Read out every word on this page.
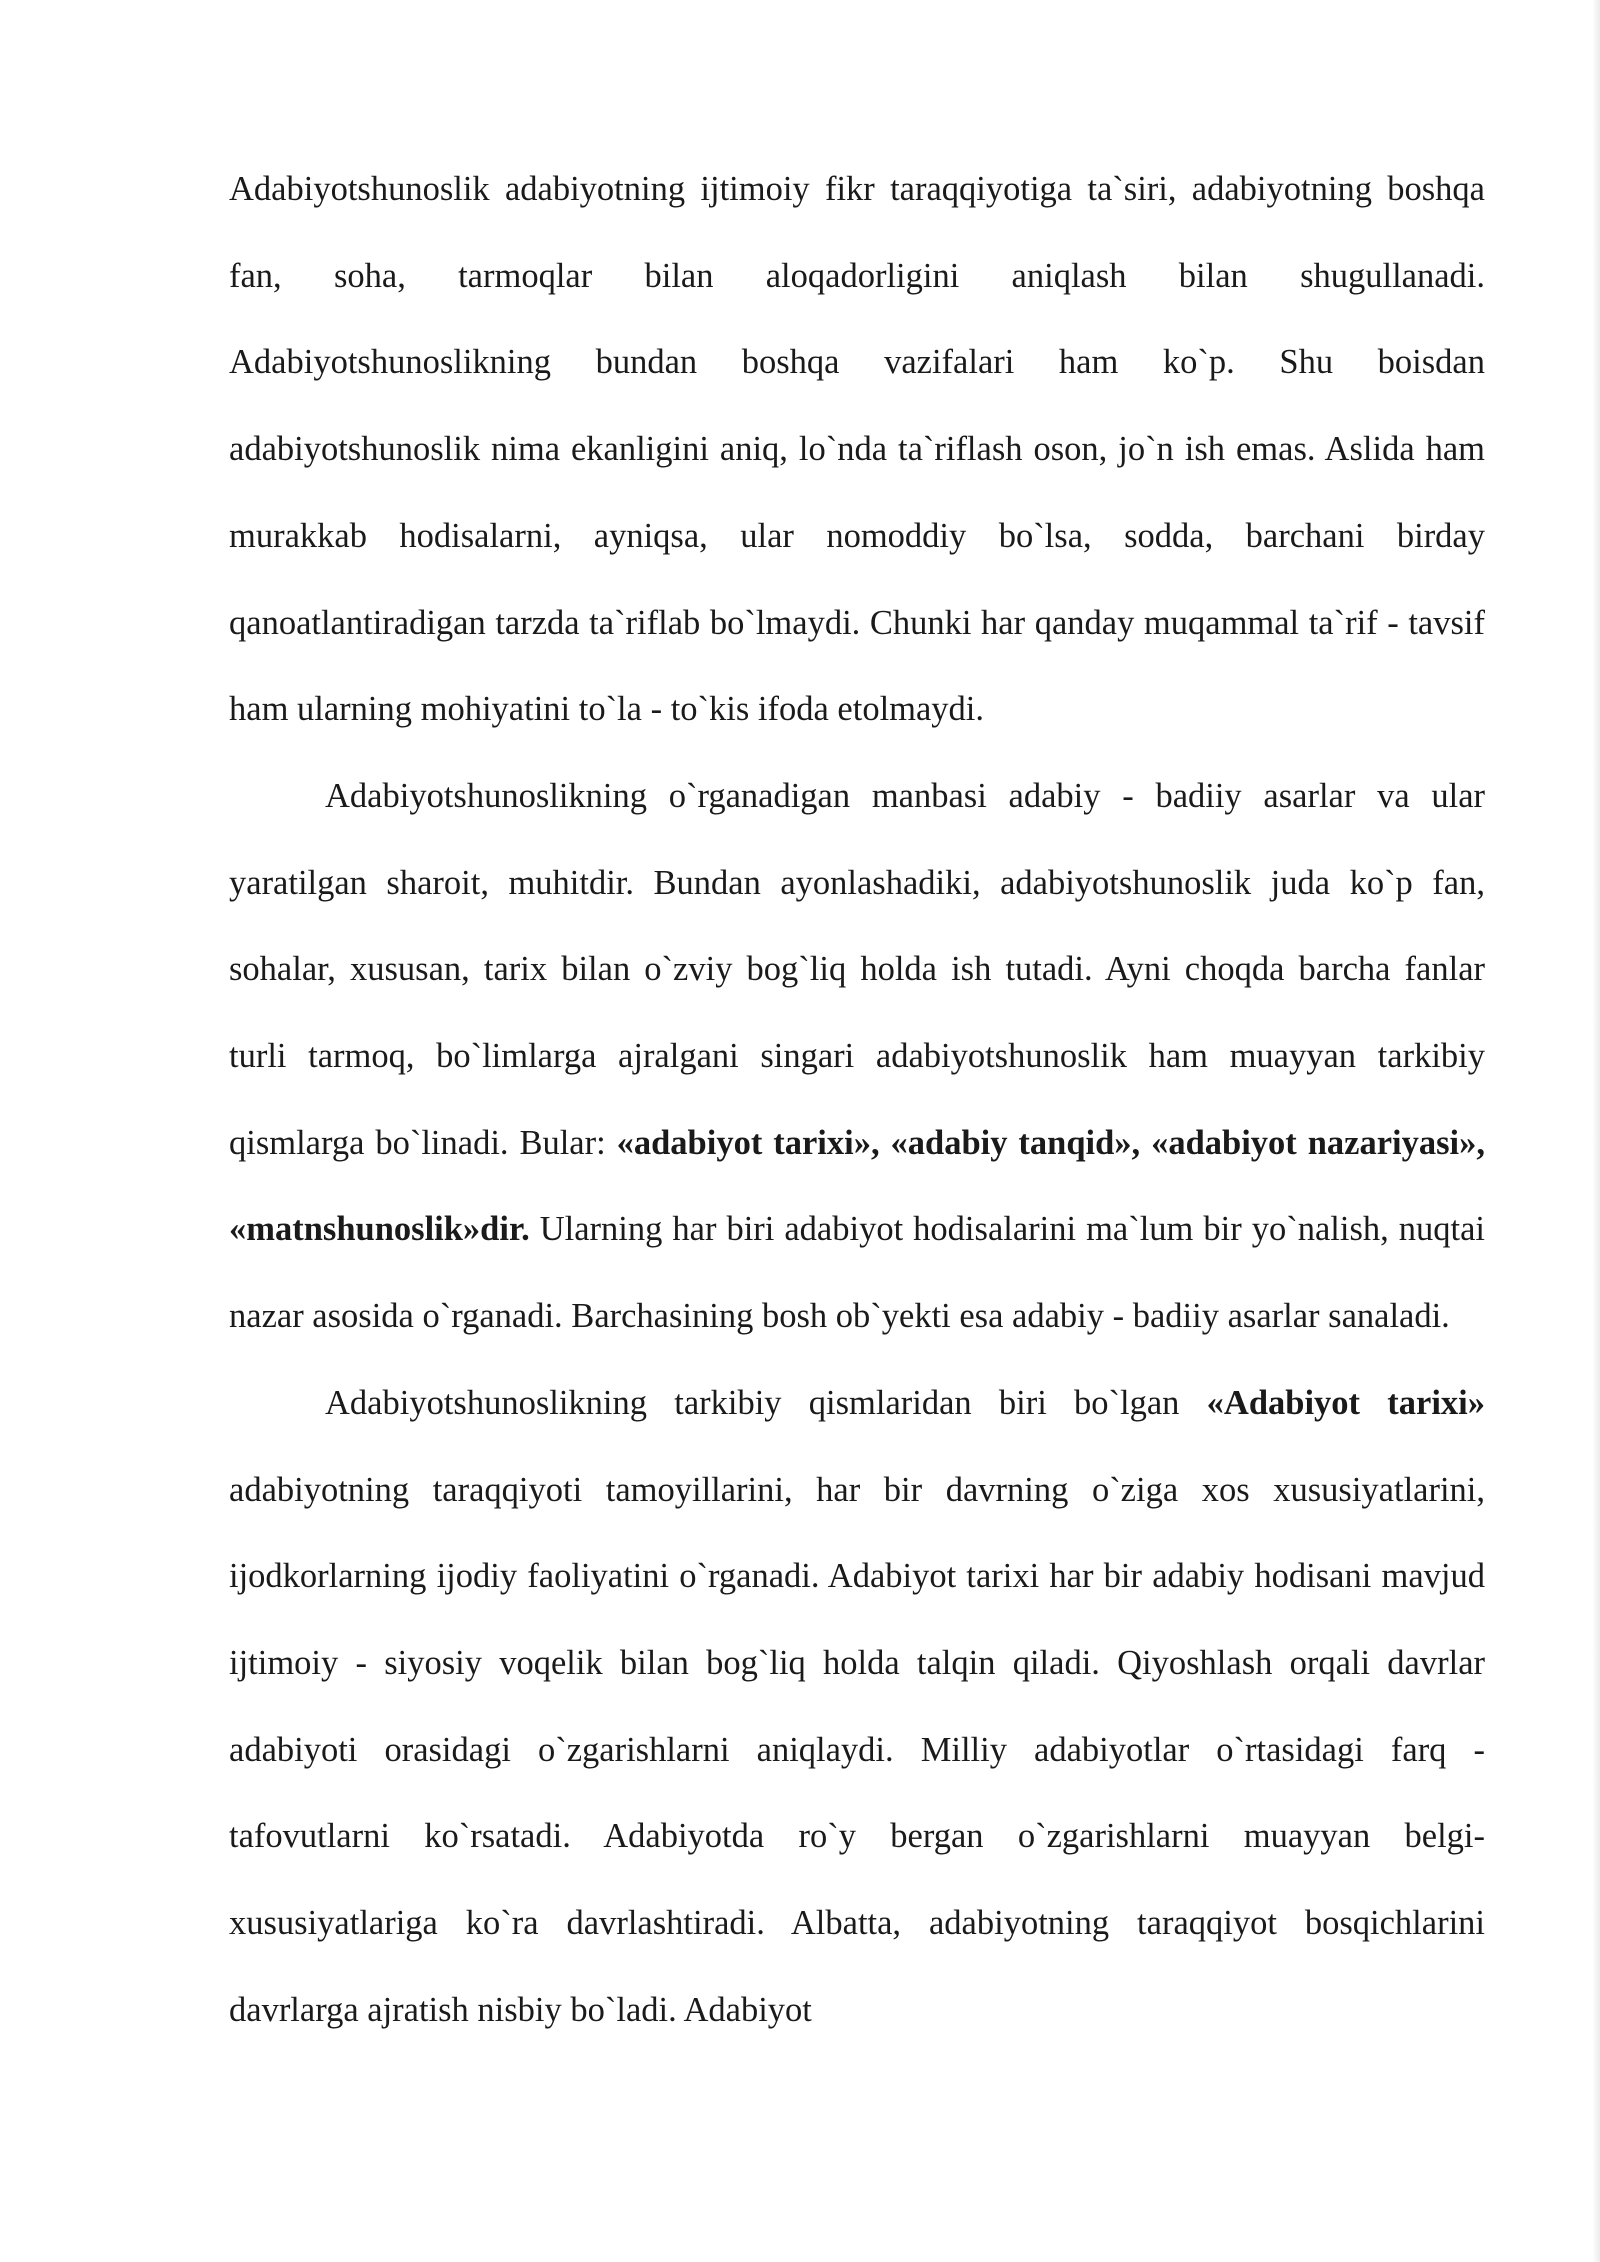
Adabiyotshunoslik adabiyotning ijtimoiy fikr taraqqiyotiga ta`siri, adabiyotning boshqa fan, soha, tarmoqlar bilan aloqadorligini aniqlash bilan shugullanadi. Adabiyotshunoslikning bundan boshqa vazifalari ham ko`p. Shu boisdan adabiyotshunoslik nima ekanligini aniq, lo`nda ta`riflash oson, jo`n ish emas. Aslida ham murakkab hodisalarni, ayniqsa, ular nomoddiy bo`lsa, sodda, barchani birday qanoatlantiradigan tarzda ta`riflab bo`lmaydi. Chunki har qanday muqammal ta`rif - tavsif ham ularning mohiyatini to`la - to`kis ifoda etolmaydi.

Adabiyotshunoslikning o`rganadigan manbasi adabiy - badiiy asarlar va ular yaratilgan sharoit, muhitdir. Bundan ayonlashadiki, adabiyotshunoslik juda ko`p fan, sohalar, xususan, tarix bilan o`zviy bog`liq holda ish tutadi. Ayni choqda barcha fanlar turli tarmoq, bo`limlarga ajralgani singari adabiyotshunoslik ham muayyan tarkibiy qismlarga bo`linadi. Bular: «adabiyot tarixi», «adabiy tanqid», «adabiyot nazariyasi», «matnshunoslik»dir. Ularning har biri adabiyot hodisalarini ma`lum bir yo`nalish, nuqtai nazar asosida o`rganadi. Barchasining bosh ob`yekti esa adabiy - badiiy asarlar sanaladi.

Adabiyotshunoslikning tarkibiy qismlaridan biri bo`lgan «Adabiyot tarixi» adabiyotning taraqqiyoti tamoyillarini, har bir davrning o`ziga xos xususiyatlarini, ijodkorlarning ijodiy faoliyatini o`rganadi. Adabiyot tarixi har bir adabiy hodisani mavjud ijtimoiy - siyosiy voqelik bilan bog`liq holda talqin qiladi. Qiyoshlash orqali davrlar adabiyoti orasidagi o`zgarishlarni aniqlaydi. Milliy adabiyotlar o`rtasidagi farq - tafovutlarni ko`rsatadi. Adabiyotda ro`y bergan o`zgarishlarni muayyan belgi-xususiyatlariga ko`ra davrlashtiradi. Albatta, adabiyotning taraqqiyot bosqichlarini davrlarga ajratish nisbiy bo`ladi. Adabiyot
